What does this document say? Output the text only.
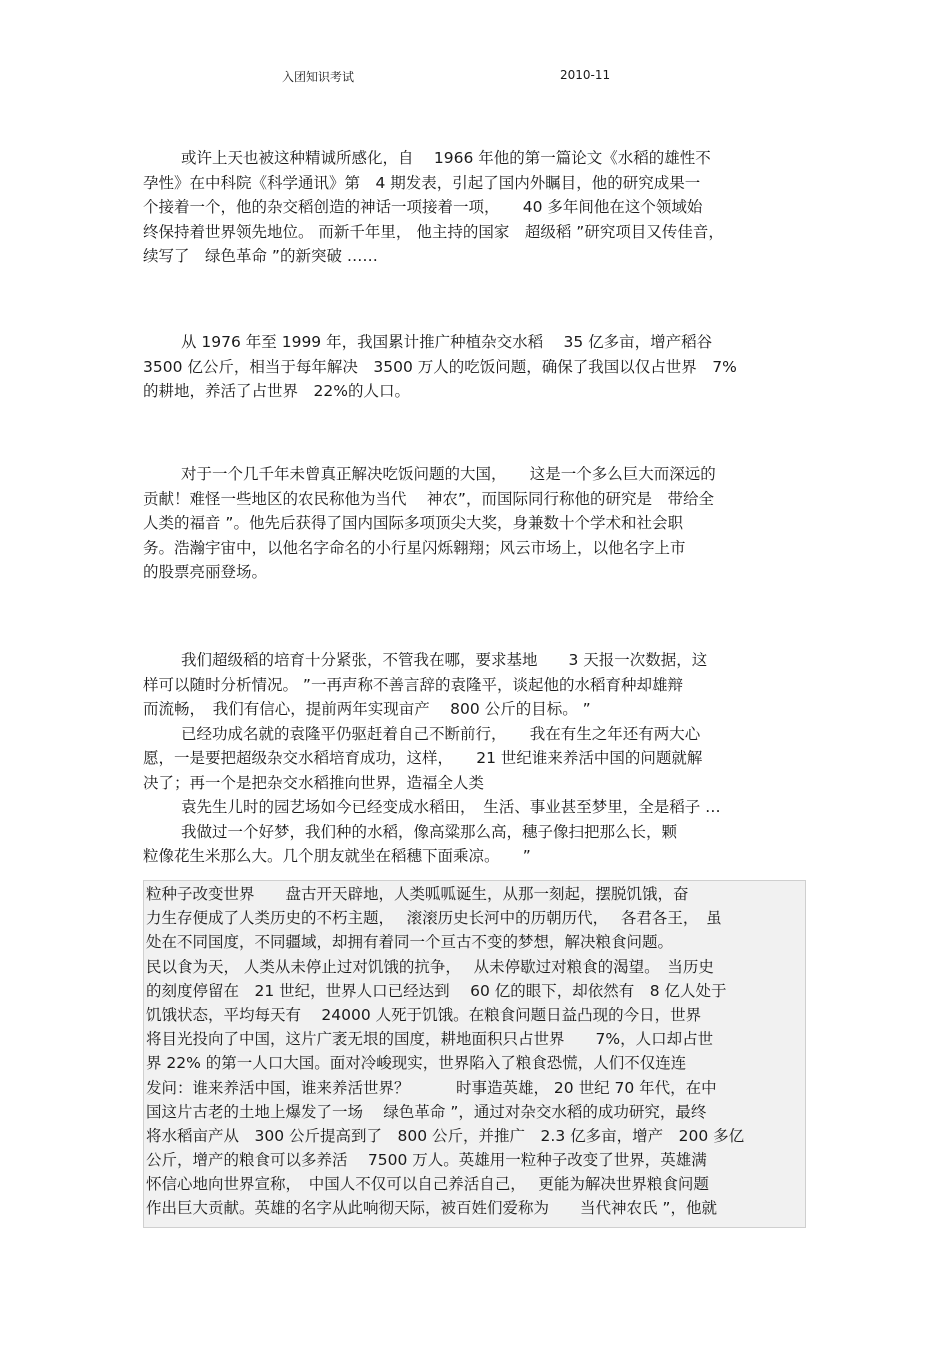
入团知识考试	2010-11
或许上天也被这种精诚所感化，自　 1966 年他的第一篇论文《水稻的雄性不
孕性》在中科院《科学通讯》第　4 期发表，引起了国内外瞩目，他的研究成果一
个接着一个，他的杂交稻创造的神话一项接着一项，　　40 多年间他在这个领域始
终保持着世界领先地位。 而新千年里， 他主持的国家　超级稻 ”研究项目又传佳音，
续写了　绿色革命 ”的新突破 ……
从 1976 年至 1999 年，我国累计推广种植杂交水稻　 35 亿多亩，增产稻谷
3500 亿公斤，相当于每年解决　3500 万人的吃饭问题，确保了我国以仅占世界　7%
的耕地，养活了占世界　22%的人口。
对于一个几千年未曾真正解决吃饭问题的大国，　　这是一个多么巨大而深远的
贡献！难怪一些地区的农民称他为当代　 神农”，而国际同行称他的研究是　带给全
人类的福音 ”。他先后获得了国内国际多项顶尖大奖，身兼数十个学术和社会职
务。浩瀚宇宙中，以他名字命名的小行星闪烁翱翔；风云市场上，以他名字上市
的股票亮丽登场。
我们超级稻的培育十分紧张，不管我在哪，要求基地　　3 天报一次数据，这
样可以随时分析情况。 ”一再声称不善言辞的袁隆平，谈起他的水稻育种却雄辩
而流畅，　我们有信心，提前两年实现亩产　 800 公斤的目标。 ”
已经功成名就的袁隆平仍驱赶着自己不断前行，　　我在有生之年还有两大心
愿，一是要把超级杂交水稻培育成功，这样，　　21 世纪谁来养活中国的问题就解
决了；再一个是把杂交水稻推向世界，造福全人类
袁先生儿时的园艺场如今已经变成水稻田，　生活、事业甚至梦里，全是稻子 …
我做过一个好梦，我们种的水稻，像高粱那么高，穗子像扫把那么长，颗
粒像花生米那么大。几个朋友就坐在稻穗下面乘凉。　　”
粒种子改变世界　　盘古开天辟地，人类呱呱诞生，从那一刻起，摆脱饥饿，奋
力生存便成了人类历史的不朽主题，　 滚滚历史长河中的历朝历代，　 各君各王，　虽
处在不同国度，不同疆域，却拥有着同一个亘古不变的梦想，解决粮食问题。
民以食为天， 人类从未停止过对饥饿的抗争，　 从未停歇过对粮食的渴望。　当历史
的刻度停留在　21 世纪，世界人口已经达到　 60 亿的眼下，却依然有　8 亿人处于
饥饿状态，平均每天有　 24000 人死于饥饿。在粮食问题日益凸现的今日，世界
将目光投向了中国，这片广袤无垠的国度，耕地面积只占世界　　7%，人口却占世
界 22% 的第一人口大国。面对冷峻现实，世界陷入了粮食恐慌，人们不仅连连
发问：谁来养活中国，谁来养活世界？　　　时事造英雄， 20 世纪 70 年代，在中
国这片古老的土地上爆发了一场　 绿色革命 ”，通过对杂交水稻的成功研究，最终
将水稻亩产从　300 公斤提高到了　800 公斤，并推广　2.3 亿多亩，增产　200 多亿
公斤，增产的粮食可以多养活　 7500 万人。英雄用一粒种子改变了世界，英雄满
怀信心地向世界宣称，　中国人不仅可以自己养活自己，　 更能为解决世界粮食问题
作出巨大贡献。英雄的名字从此响彻天际，被百姓们爱称为　　当代神农氏 ”，他就
